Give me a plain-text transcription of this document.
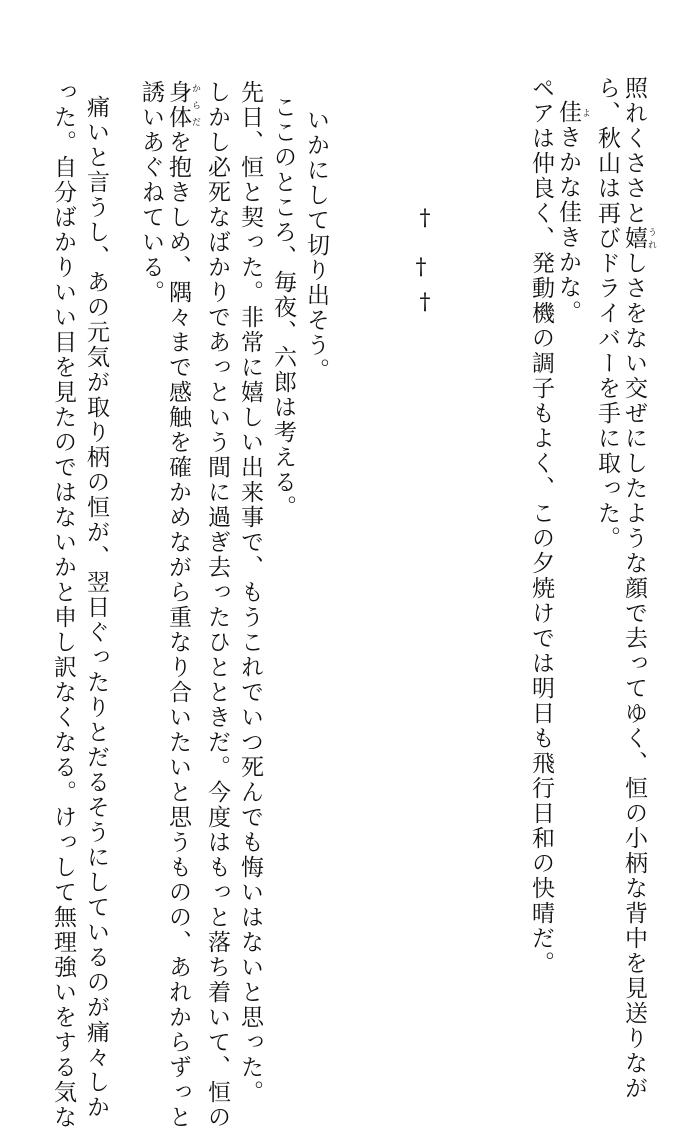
照れくささと嬉 うれしさをない交ぜにしたような顔で去ってゆく、恒の小柄な背中を見送りなが
ら、秋山は再びドライバーを手に取った。
佳 よきかな佳きかな。
ペアは仲良く、発動機の調子もよく、この夕焼けでは明日も飛行日和の快晴だ。
†
†
†
いかにして切り出そう。
ここのところ、毎夜、六郎は考える。
先日、恒と契った。非常に嬉しい出来事で、もうこれでいつ死んでも悔いはないと思った。
しかし必死なばかりであっという間に過ぎ去ったひとときだ。今度はもっと落ち着いて、恒の
身体 からだを抱きしめ、隅々まで感触を確かめながら重なり合いたいと思うものの、あれからずっと
誘いあぐねている。
痛いと言うし、あの元気が取り柄の恒が、翌日ぐったりとだるそうにしているのが痛々しか
った。自分ばかりいい目を見たのではないかと申し訳なくなる。けっして無理強いをする気な
